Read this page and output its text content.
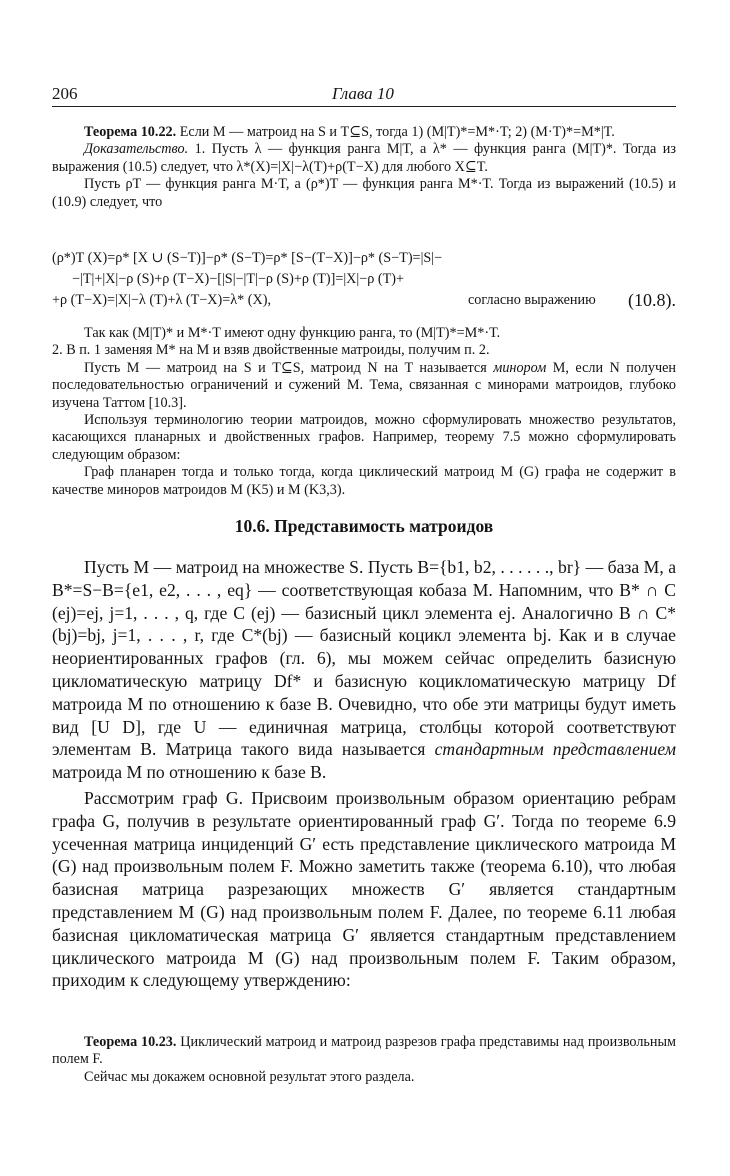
206	Глава 10

Теорема 10.22. Если M — матроид на S и T⊆S, тогда 1) (M|T)*=M*·T; 2) (M·T)*=M*|T.

Доказательство. 1. Пусть λ — функция ранга M|T, а λ* — функция ранга (M|T)*. Тогда из выражения (10.5) следует, что λ*(X)=|X|−λ(T)+ρ(T−X) для любого X⊆T.

Пусть ρT — функция ранга M·T, а (ρ*)T — функция ранга M*·T. Тогда из выражений (10.5) и (10.9) следует, что

(ρ*)T (X)=ρ* [X ∪ (S−T)]−ρ* (S−T)=ρ* [S−(T−X)]−ρ* (S−T)=|S|−
−|T|+|X|−ρ (S)+ρ (T−X)−[|S|−|T|−ρ (S)+ρ (T)]=|X|−ρ (T)+
+ρ (T−X)=|X|−λ (T)+λ (T−X)=λ* (X),	согласно выражению (10.8).

Так как (M|T)* и M*·T имеют одну функцию ранга, то (M|T)*=M*·T.

2. В п. 1 заменяя M* на M и взяв двойственные матроиды, получим п. 2.

Пусть M — матроид на S и T⊆S, матроид N на T называется минором M, если N получен последовательностью ограничений и сужений M. Тема, связанная с минорами матроидов, глубоко изучена Таттом [10.3].

Используя терминологию теории матроидов, можно сформулировать множество результатов, касающихся планарных и двойственных графов. Например, теорему 7.5 можно сформулировать следующим образом:

Граф планарен тогда и только тогда, когда циклический матроид M (G) графа не содержит в качестве миноров матроидов M (K5) и M (K3,3).

10.6. Представимость матроидов

Пусть M — матроид на множестве S. Пусть B={b1, b2, . . . . . ., br} — база M, а B*=S−B={e1, e2, . . . , eq} — соответствующая кобаза M. Напомним, что B* ∩ C (ej)=ej, j=1, . . . , q, где C (ej) — базисный цикл элемента ej. Аналогично B ∩ C*(bj)=bj, j=1, . . . , r, где C*(bj) — базисный коцикл элемента bj. Как и в случае неориентированных графов (гл. 6), мы можем сейчас определить базисную цикломатическую матрицу Df* и базисную коцикломатическую матрицу Df матроида M по отношению к базе B. Очевидно, что обе эти матрицы будут иметь вид [U D], где U — единичная матрица, столбцы которой соответствуют элементам B. Матрица такого вида называется стандартным представлением матроида M по отношению к базе B.

Рассмотрим граф G. Присвоим произвольным образом ориентацию ребрам графа G, получив в результате ориентированный граф G′. Тогда по теореме 6.9 усеченная матрица инциденций G′ есть представление циклического матроида M (G) над произвольным полем F. Можно заметить также (теорема 6.10), что любая базисная матрица разрезающих множеств G′ является стандартным представлением M (G) над произвольным полем F. Далее, по теореме 6.11 любая базисная цикломатическая матрица G′ является стандартным представлением циклического матроида M (G) над произвольным полем F. Таким образом, приходим к следующему утверждению:

Теорема 10.23. Циклический матроид и матроид разрезов графа представимы над произвольным полем F.

Сейчас мы докажем основной результат этого раздела.
